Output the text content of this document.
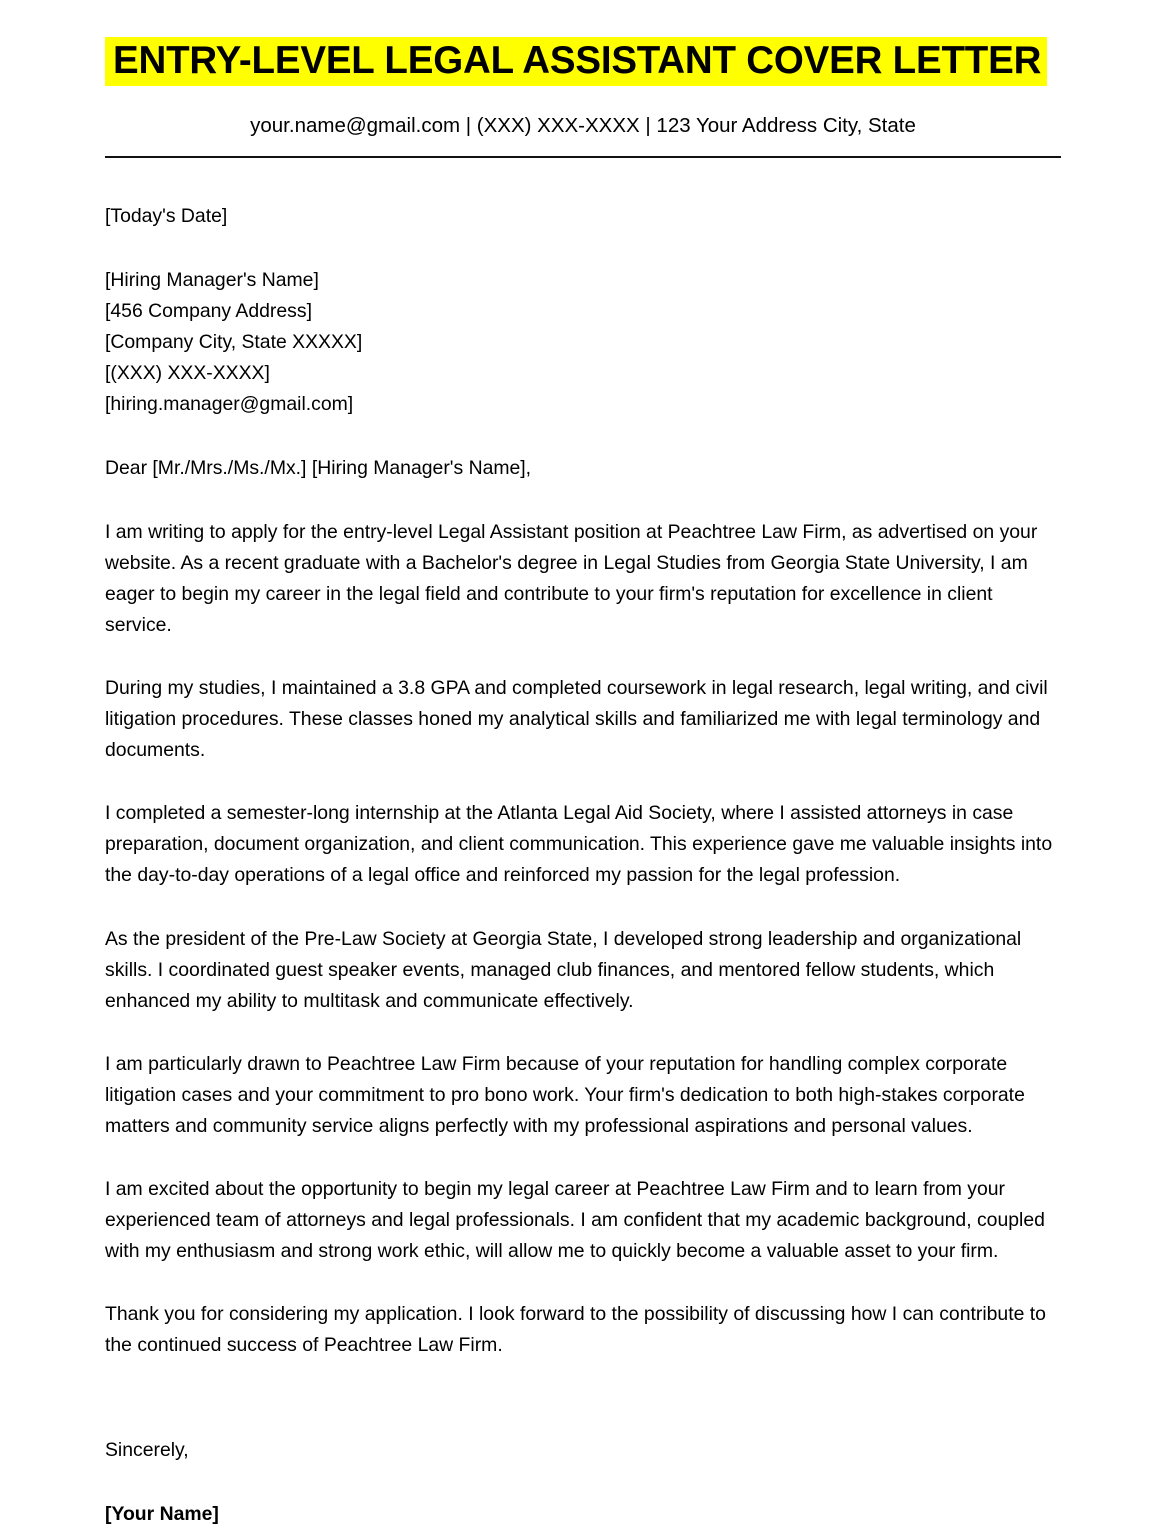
ENTRY-LEVEL LEGAL ASSISTANT COVER LETTER
your.name@gmail.com | (XXX) XXX-XXXX | 123 Your Address City, State
[Today's Date]
[Hiring Manager's Name]
[456 Company Address]
[Company City, State XXXXX]
[(XXX) XXX-XXXX]
[hiring.manager@gmail.com]
Dear [Mr./Mrs./Ms./Mx.] [Hiring Manager's Name],

I am writing to apply for the entry-level Legal Assistant position at Peachtree Law Firm, as advertised on your website. As a recent graduate with a Bachelor's degree in Legal Studies from Georgia State University, I am eager to begin my career in the legal field and contribute to your firm's reputation for excellence in client service.

During my studies, I maintained a 3.8 GPA and completed coursework in legal research, legal writing, and civil litigation procedures. These classes honed my analytical skills and familiarized me with legal terminology and documents.

I completed a semester-long internship at the Atlanta Legal Aid Society, where I assisted attorneys in case preparation, document organization, and client communication. This experience gave me valuable insights into the day-to-day operations of a legal office and reinforced my passion for the legal profession.

As the president of the Pre-Law Society at Georgia State, I developed strong leadership and organizational skills. I coordinated guest speaker events, managed club finances, and mentored fellow students, which enhanced my ability to multitask and communicate effectively.

I am particularly drawn to Peachtree Law Firm because of your reputation for handling complex corporate litigation cases and your commitment to pro bono work. Your firm's dedication to both high-stakes corporate matters and community service aligns perfectly with my professional aspirations and personal values.

I am excited about the opportunity to begin my legal career at Peachtree Law Firm and to learn from your experienced team of attorneys and legal professionals. I am confident that my academic background, coupled with my enthusiasm and strong work ethic, will allow me to quickly become a valuable asset to your firm.

Thank you for considering my application. I look forward to the possibility of discussing how I can contribute to the continued success of Peachtree Law Firm.

Sincerely,
[Your Name]
